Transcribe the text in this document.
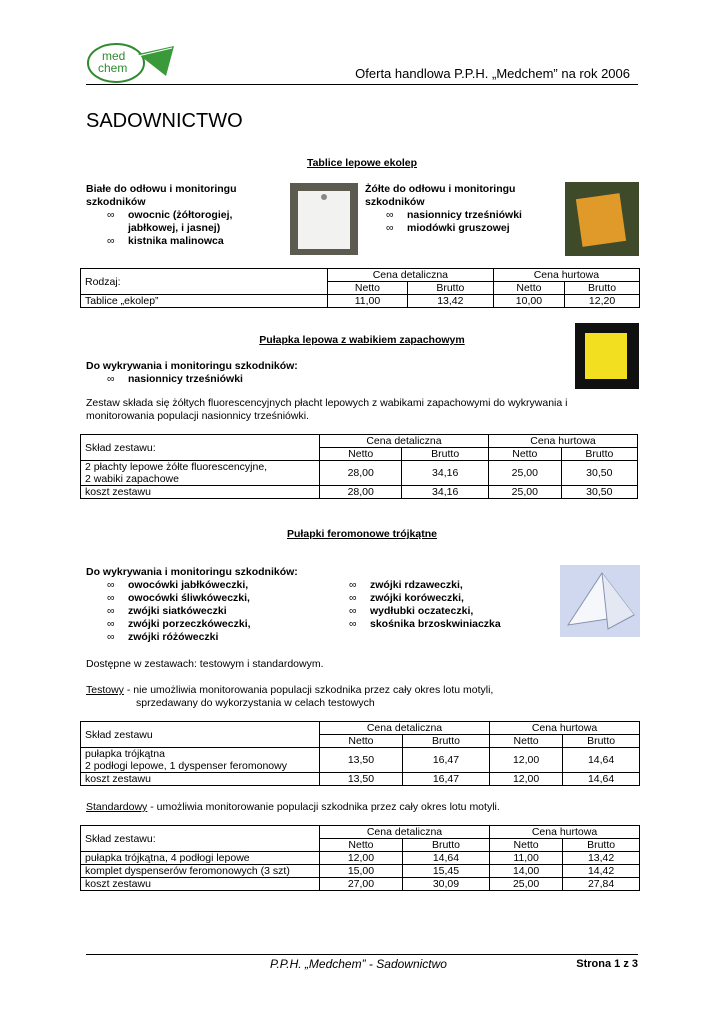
med
chem	Oferta handlowa P.P.H. „Medchem” na rok 2006
SADOWNICTWO
Tablice lepowe ekolep
Białe do odłowu i monitoringu szkodników
∞ owocnic (żółtorogiej, jabłkowej, i jasnej)
∞ kistnika malinowca
Żółte do odłowu i monitoringu szkodników
∞ nasionnicy trześniówki
∞ miodówki gruszowej
Rodzaj:	Cena detaliczna		Cena hurtowa	
	Netto	Brutto	Netto	Brutto
Tablice „ekolep”	11,00	13,42	10,00	12,20
Pułapka lepowa z wabikiem zapachowym
Do wykrywania i monitoringu szkodników:
∞ nasionnicy trześniówki
Zestaw składa się żółtych fluorescencyjnych płacht lepowych z wabikami zapachowymi do wykrywania i monitorowania populacji nasionnicy trześniówki.
Skład zestawu:	Cena detaliczna		Cena hurtowa	
	Netto	Brutto	Netto	Brutto
2 płachty lepowe żółte fluorescencyjne,
2 wabiki zapachowe	28,00	34,16	25,00	30,50
koszt zestawu	28,00	34,16	25,00	30,50
Pułapki feromonowe trójkątne
Do wykrywania i monitoringu szkodników:
∞ owocówki jabłkóweczki,
∞ owocówki śliwkóweczki,
∞ zwójki siatkóweczki
∞ zwójki porzeczkóweczki,
∞ zwójki różóweczki
∞ zwójki rdzaweczki,
∞ zwójki koróweczki,
∞ wydłubki oczateczki,
∞ skośnika brzoskwiniaczka
Dostępne w zestawach: testowym i standardowym.
Testowy - nie umożliwia monitorowania populacji szkodnika przez cały okres lotu motyli,
sprzedawany do wykorzystania w celach testowych
Skład zestawu	Cena detaliczna		Cena hurtowa	
	Netto	Brutto	Netto	Brutto
pułapka trójkątna
2 podłogi lepowe, 1 dyspenser feromonowy	13,50	16,47	12,00	14,64
koszt zestawu	13,50	16,47	12,00	14,64
Standardowy - umożliwia monitorowanie populacji szkodnika przez cały okres lotu motyli.
Skład zestawu:	Cena detaliczna		Cena hurtowa	
	Netto	Brutto	Netto	Brutto
pułapka trójkątna, 4 podłogi lepowe	12,00	14,64	11,00	13,42
komplet dyspenserów feromonowych (3 szt)	15,00	15,45	14,00	14,42
koszt zestawu	27,00	30,09	25,00	27,84
P.P.H. „Medchem” - Sadownictwo	Strona 1 z 3
